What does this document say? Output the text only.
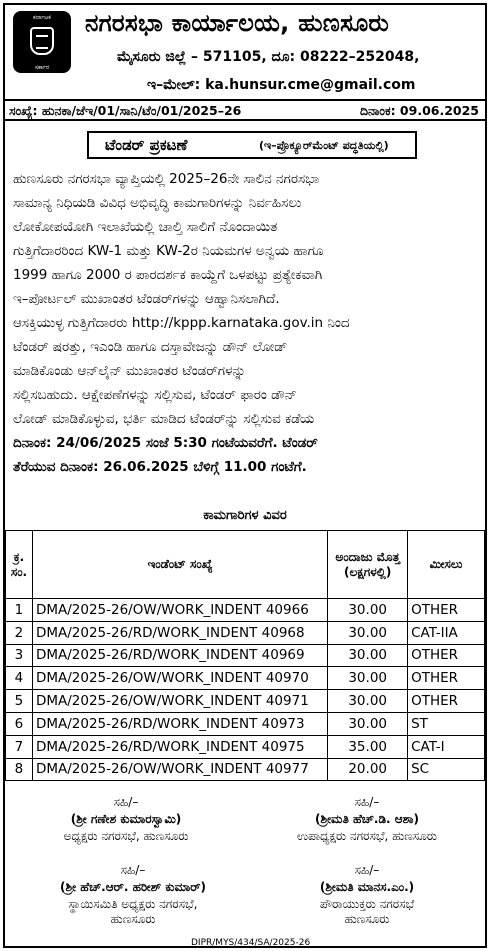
ಕರ್ನಾಟಕ
ಸರ್ಕಾರ
ನಗರಸಭಾ ಕಾರ್ಯಾಲಯ, ಹುಣಸೂರು
ಮೈಸೂರು ಜಿಲ್ಲೆ – 571105, ದೂ: 08222–252048,
ಇ–ಮೇಲ್: ka.hunsur.cme@gmail.com
ಸಂಖ್ಯೆ: ಹುನಕಾ/ಜೆಇ/01/ಸಾನಿ/ಟೆಂ/01/2025–26	ದಿನಾಂಕ: 09.06.2025
ಟೆಂಡರ್ ಪ್ರಕಟಣೆ	(ಇ–ಪ್ರೊಕ್ಯೂರ್‌ಮೆಂಟ್ ಪದ್ಧತಿಯಲ್ಲಿ)
ಹುಣಸೂರು ನಗರಸಭಾ ವ್ಯಾಪ್ತಿಯಲ್ಲಿ 2025–26ನೇ ಸಾಲಿನ ನಗರಸಭಾ
ಸಾಮಾನ್ಯ ನಿಧಿಯಡಿ ವಿವಿಧ ಅಭಿವೃದ್ಧಿ ಕಾಮಗಾರಿಗಳನ್ನು ನಿರ್ವಹಿಸಲು
ಲೋಕೋಪಯೋಗಿ ಇಲಾಖೆಯಲ್ಲಿ ಚಾಲ್ತಿ ಸಾಲಿಗೆ ನೊಂದಾಯಿತ
ಗುತ್ತಿಗೆದಾರರಿಂದ KW-1 ಮತ್ತು KW-2ರ ನಿಯಮಗಳ ಅನ್ವಯ ಹಾಗೂ
1999 ಹಾಗೂ 2000 ರ ಪಾರದರ್ಶಕ ಕಾಯ್ದೆಗೆ ಒಳಪಟ್ಟು ಪ್ರತ್ಯೇಕವಾಗಿ
ಇ–ಪೋರ್ಟಲ್ ಮುಖಾಂತರ ಟೆಂಡರ್‌ಗಳನ್ನು ಆಹ್ವಾನಿಸಲಾಗಿದೆ.
ಆಸಕ್ತಿಯುಳ್ಳ ಗುತ್ತಿಗೆದಾರರು http://kppp.karnataka.gov.in ನಿಂದ
ಟೆಂಡರ್ ಷರತ್ತು, ಇಎಂಡಿ ಹಾಗೂ ದಸ್ತಾವೇಜನ್ನು ಡೌನ್ ಲೋಡ್
ಮಾಡಿಕೊಂಡು ಆನ್‌ಲೈನ್ ಮುಖಾಂತರ ಟೆಂಡರ್‌ಗಳನ್ನು
ಸಲ್ಲಿಸಬಹುದು. ಆಕ್ಷೇಪಣೆಗಳನ್ನು ಸಲ್ಲಿಸುವ, ಟೆಂಡರ್ ಫಾರಂ ಡೌನ್
ಲೋಡ್ ಮಾಡಿಕೊಳ್ಳುವ, ಭರ್ತಿ ಮಾಡಿದ ಟೆಂಡರ್‌ನ್ನು ಸಲ್ಲಿಸುವ ಕಡೆಯ
ದಿನಾಂಕ: 24/06/2025 ಸಂಜೆ 5:30 ಗಂಟೆಯವರೆಗೆ. ಟೆಂಡರ್
ತೆರೆಯುವ ದಿನಾಂಕ: 26.06.2025 ಬೆಳಿಗ್ಗೆ 11.00 ಗಂಟೆಗೆ.
ಕಾಮಗಾರಿಗಳ ವಿವರ
ಕ್ರ. ಸಂ.	ಇಂಡೆಂಟ್ ಸಂಖ್ಯೆ	ಅಂದಾಜು ಮೊತ್ತ (ಲಕ್ಷಗಳಲ್ಲಿ)	ಮೀಸಲು
1	DMA/2025-26/OW/WORK_INDENT 40966	30.00	OTHER
2	DMA/2025-26/RD/WORK_INDENT 40968	30.00	CAT-IIA
3	DMA/2025-26/RD/WORK_INDENT 40969	30.00	OTHER
4	DMA/2025-26/OW/WORK_INDENT 40970	30.00	OTHER
5	DMA/2025-26/OW/WORK_INDENT 40971	30.00	OTHER
6	DMA/2025-26/RD/WORK_INDENT 40973	30.00	ST
7	DMA/2025-26/RD/WORK_INDENT 40975	35.00	CAT-I
8	DMA/2025-26/OW/WORK_INDENT 40977	20.00	SC
ಸಹಿ/–
(ಶ್ರೀ ಗಣೇಶ ಕುಮಾರಸ್ವಾಮಿ)
ಅಧ್ಯಕ್ಷರು ನಗರಸಭೆ, ಹುಣಸೂರು
ಸಹಿ/–
(ಶ್ರೀಮತಿ ಹೆಚ್.ಡಿ. ಆಶಾ)
ಉಪಾಧ್ಯಕ್ಷರು ನಗರಸಭೆ, ಹುಣಸೂರು
ಸಹಿ/–
(ಶ್ರೀ ಹೆಚ್.ಆರ್. ಹರೀಶ್ ಕುಮಾರ್)
ಸ್ಥಾಯಿಸಮಿತಿ ಅಧ್ಯಕ್ಷರು ನಗರಸಭೆ,
ಹುಣಸೂರು
ಸಹಿ/–
(ಶ್ರೀಮತಿ ಮಾನಸ.ಎಂ.)
ಪೌರಾಯುಕ್ತರು ನಗರಸಭೆ
ಹುಣಸೂರು
DIPR/MYS/434/SA/2025-26
